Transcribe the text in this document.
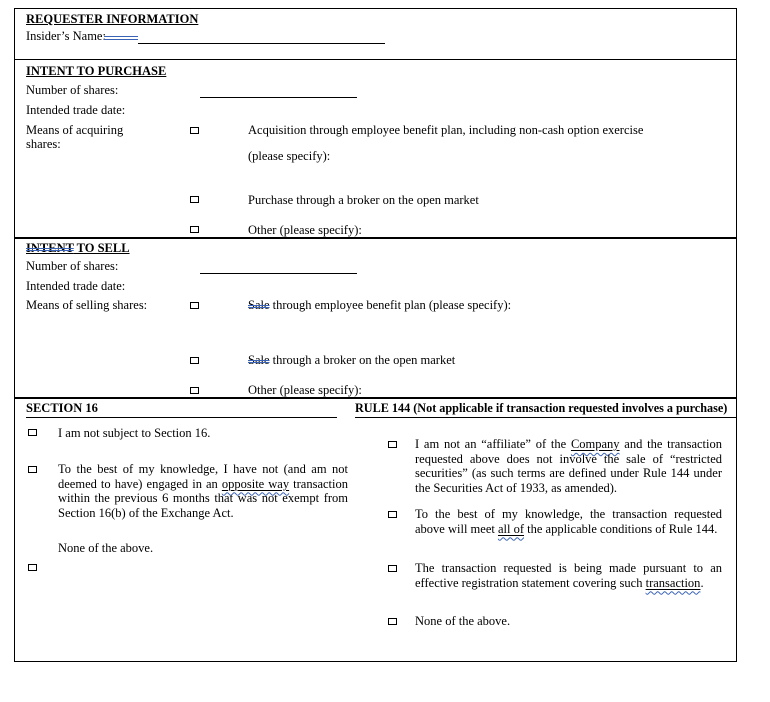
REQUESTER INFORMATION
Insider’s Name:
INTENT TO PURCHASE
Number of shares:
Intended trade date:
Means of acquiring shares:
Acquisition through employee benefit plan, including non-cash option exercise
(please specify):
Purchase through a broker on the open market
Other (please specify):
INTENT TO SELL
Number of shares:
Intended trade date:
Means of selling shares:	Sale through employee benefit plan (please specify):
Sale through a broker on the open market
Other (please specify):
SECTION 16
I am not subject to Section 16.
To the best of my knowledge, I have not (and am not deemed to have) engaged in an opposite way transaction within the previous 6 months that was not exempt from Section 16(b) of the Exchange Act.
None of the above.
RULE 144 (Not applicable if transaction requested involves a purchase)
I am not an “affiliate” of the Company and the transaction requested above does not involve the sale of “restricted securities” (as such terms are defined under Rule 144 under the Securities Act of 1933, as amended).
To the best of my knowledge, the transaction requested above will meet all of the applicable conditions of Rule 144.
The transaction requested is being made pursuant to an effective registration statement covering such transaction.
None of the above.
